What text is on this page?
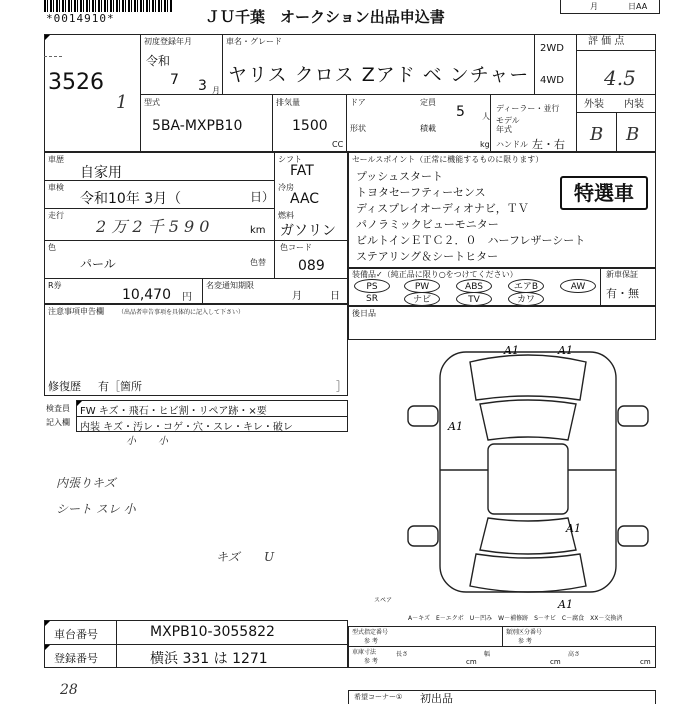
*0014910*	ＪＵ千葉　オークション出品申込書
月	日AA
3526
1
初度登録年月
令和
7 3 月
車名・グレード
ヤリス クロス Zアド ベ ンチャー
2WD
4WD
評 価 点
4.5
型式
5BA-MXPB10
排気量
1500
CC
ドア	定員
5 人
形状	積載
kg
ディーラー・並行
モデル年式
ハンドル 左・右
外装 内装
B B
車歴
自家用
車検
令和10年 3月（	日）
走行
2 万 2 千 5 9 0	km
シフト
FAT
冷房
AAC
燃料
ガソリン
色
パール	色替
色コード
089
R券
10,470 円
名変通知期限
月	日
セールスポイント（正常に機能するものに限ります）
プッシュスタート
トヨタセーフティーセンス
ディスプレイオーディオナビ，ＴＶ
パノラミックビューモニター
ビルトインＥＴＣ２．０　ハーフレザーシート
ステアリング＆シートヒター
特選車
装備品✓（純正品に限り○をつけてください）
PS	PW	ABS	エアB	AW
SR	ナビ	TV	カワ
新車保証
有・無
注意事項申告欄 （出品者申告事項を具体的に記入して下さい）
修復歴 有［箇所	］
後日品
検査員
記入欄
FW キズ・飛石・ヒビ割・リペア跡・×要
内装 キズ・汚レ・コゲ・穴・スレ・キレ・破レ
小 小
内張りキズ
シート スレ 小
キズ U
A1	A1
A1
A1
A1
スペア
A－キズ　E－エクボ　U－凹み　W－補修跡　S－サビ　C－腐食　XX－交換済
車台番号	MXPB10-3055822
登録番号	横浜 331 は 1271
型式指定番号
参 考
類別区分番号
参 考
車庫寸法
参 考
長さ
cm
幅
cm
高さ
cm
28	希望コーナー① 初出品
